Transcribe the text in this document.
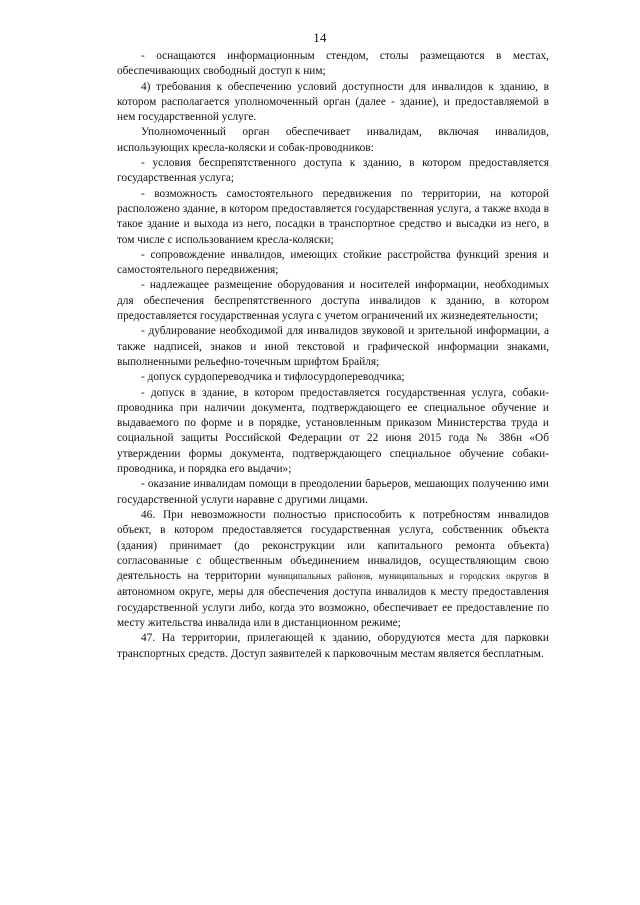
14

- оснащаются информационным стендом, столы размещаются в местах, обеспечивающих свободный доступ к ним;

4) требования к обеспечению условий доступности для инвалидов к зданию, в котором располагается уполномоченный орган (далее - здание), и предоставляемой в нем государственной услуге.

Уполномоченный орган обеспечивает инвалидам, включая инвалидов, использующих кресла-коляски и собак-проводников:

- условия беспрепятственного доступа к зданию, в котором предоставляется государственная услуга;

- возможность самостоятельного передвижения по территории, на которой расположено здание, в котором предоставляется государственная услуга, а также входа в такое здание и выхода из него, посадки в транспортное средство и высадки из него, в том числе с использованием кресла-коляски;

- сопровождение инвалидов, имеющих стойкие расстройства функций зрения и самостоятельного передвижения;

- надлежащее размещение оборудования и носителей информации, необходимых для обеспечения беспрепятственного доступа инвалидов к зданию, в котором предоставляется государственная услуга с учетом ограничений их жизнедеятельности;

- дублирование необходимой для инвалидов звуковой и зрительной информации, а также надписей, знаков и иной текстовой и графической информации знаками, выполненными рельефно-точечным шрифтом Брайля;

- допуск сурдопереводчика и тифлосурдопереводчика;

- допуск в здание, в котором предоставляется государственная услуга, собаки-проводника при наличии документа, подтверждающего ее специальное обучение и выдаваемого по форме и в порядке, установленным приказом Министерства труда и социальной защиты Российской Федерации от 22 июня 2015 года № 386н «Об утверждении формы документа, подтверждающего специальное обучение собаки-проводника, и порядка его выдачи»;

- оказание инвалидам помощи в преодолении барьеров, мешающих получению ими государственной услуги наравне с другими лицами.

46. При невозможности полностью приспособить к потребностям инвалидов объект, в котором предоставляется государственная услуга, собственник объекта (здания) принимает (до реконструкции или капитального ремонта объекта) согласованные с общественным объединением инвалидов, осуществляющим свою деятельность на территории муниципальных районов, муниципальных и городских округов в автономном округе, меры для обеспечения доступа инвалидов к месту предоставления государственной услуги либо, когда это возможно, обеспечивает ее предоставление по месту жительства инвалида или в дистанционном режиме;

47. На территории, прилегающей к зданию, оборудуются места для парковки транспортных средств. Доступ заявителей к парковочным местам является бесплатным.
